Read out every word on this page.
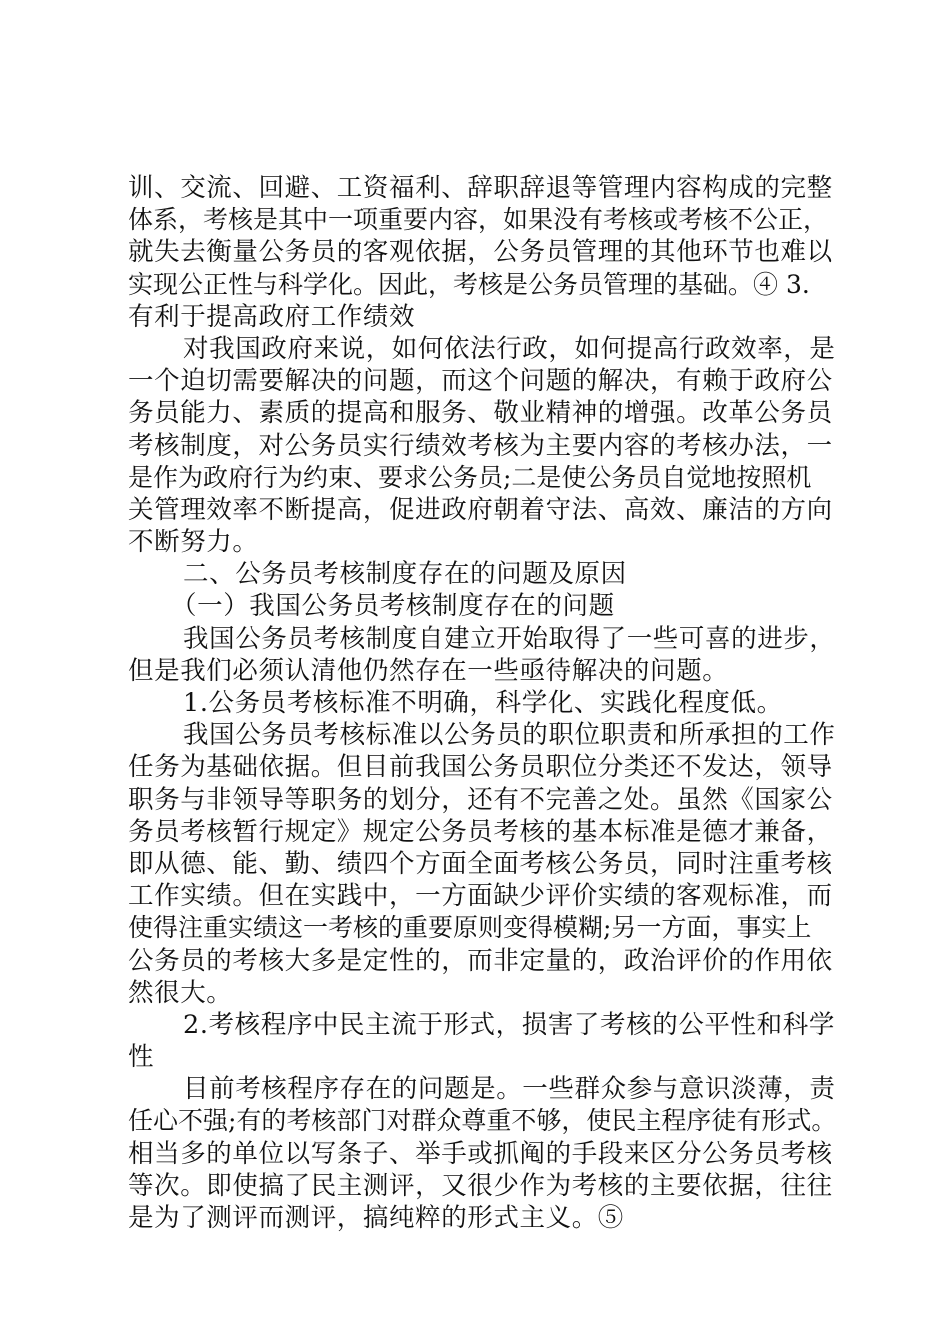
训、交流、回避、工资福利、辞职辞退等管理内容构成的完整
体系，考核是其中一项重要内容，如果没有考核或考核不公正，
就失去衡量公务员的客观依据，公务员管理的其他环节也难以
实现公正性与科学化。因此，考核是公务员管理的基础。④ 3.
有利于提高政府工作绩效
对我国政府来说，如何依法行政，如何提高行政效率，是
一个迫切需要解决的问题，而这个问题的解决，有赖于政府公
务员能力、素质的提高和服务、敬业精神的增强。改革公务员
考核制度，对公务员实行绩效考核为主要内容的考核办法，一
是作为政府行为约束、要求公务员;二是使公务员自觉地按照机
关管理效率不断提高，促进政府朝着守法、高效、廉洁的方向
不断努力。
二、公务员考核制度存在的问题及原因
（一）我国公务员考核制度存在的问题
我国公务员考核制度自建立开始取得了一些可喜的进步，
但是我们必须认清他仍然存在一些亟待解决的问题。
1.公务员考核标准不明确，科学化、实践化程度低。
我国公务员考核标准以公务员的职位职责和所承担的工作
任务为基础依据。但目前我国公务员职位分类还不发达，领导
职务与非领导等职务的划分，还有不完善之处。虽然《国家公
务员考核暂行规定》规定公务员考核的基本标准是德才兼备，
即从德、能、勤、绩四个方面全面考核公务员，同时注重考核
工作实绩。但在实践中，一方面缺少评价实绩的客观标准，而
使得注重实绩这一考核的重要原则变得模糊;另一方面，事实上
公务员的考核大多是定性的，而非定量的，政治评价的作用依
然很大。
2.考核程序中民主流于形式，损害了考核的公平性和科学
性
目前考核程序存在的问题是。一些群众参与意识淡薄，责
任心不强;有的考核部门对群众尊重不够，使民主程序徒有形式。
相当多的单位以写条子、举手或抓阄的手段来区分公务员考核
等次。即使搞了民主测评，又很少作为考核的主要依据，往往
是为了测评而测评，搞纯粹的形式主义。⑤
